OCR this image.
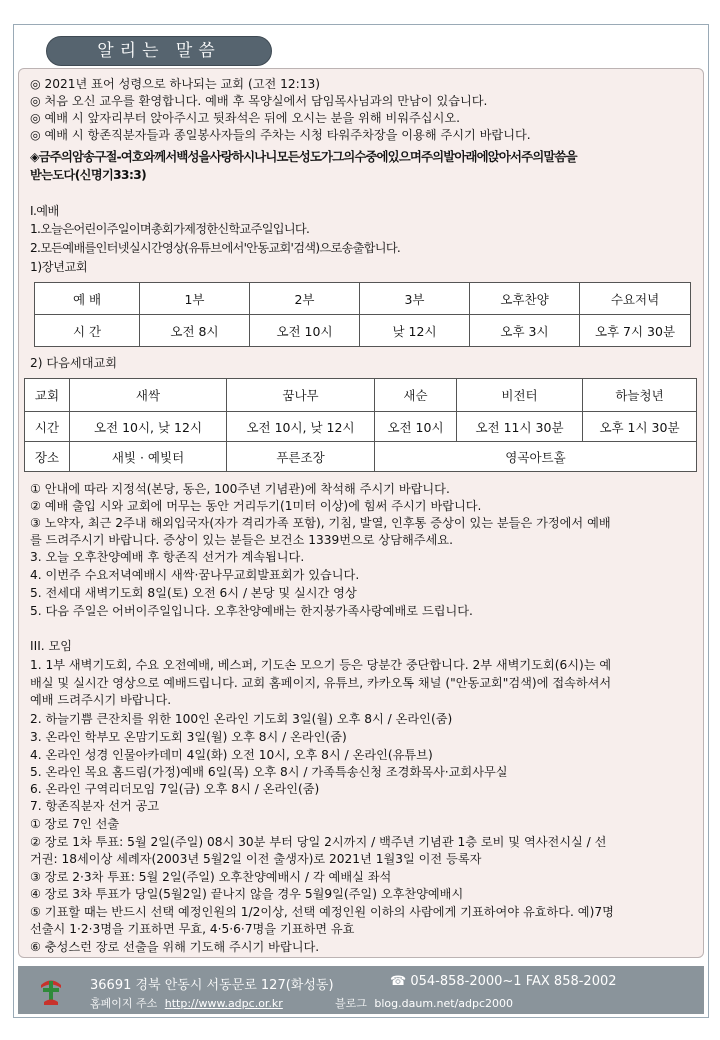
알리는 말씀
◎ 2021년 표어 성령으로 하나되는 교회 (고전 12:13)
◎ 처음 오신 교우를 환영합니다. 예배 후 목양실에서 담임목사님과의 만남이 있습니다.
◎ 예배 시 앞자리부터 앉아주시고 뒷좌석은 뒤에 오시는 분을 위해 비워주십시오.
◎ 예배 시 항존직분자들과 종일봉사자들의 주차는 시청 타워주차장을 이용해 주시기 바랍니다.
◈금주의암송구절-여호와께서백성을사랑하시나니모든성도가그의수중에있으며주의발아래에앉아서주의말씀을
받는도다(신명기33:3)
Ⅰ.예배
1.오늘은어린이주일이며총회가제정한신학교주일입니다.
2.모든예배를인터넷실시간영상(유튜브에서'안동교회'검색)으로송출합니다.
1)장년교회
예 배	1부	2부	3부	오후찬양	수요저녁
시 간	오전 8시	오전 10시	낮 12시	오후 3시	오후 7시 30분
2) 다음세대교회
교회	새싹	꿈나무	새순	비전터	하늘청년
시간	오전 10시, 낮 12시	오전 10시, 낮 12시	오전 10시	오전 11시 30분	오후 1시 30분
장소	새빛 · 예빛터	푸른조장	영곡아트홀		
① 안내에 따라 지정석(본당, 동은, 100주년 기념관)에 착석해 주시기 바랍니다.
② 예배 출입 시와 교회에 머무는 동안 거리두기(1미터 이상)에 힘써 주시기 바랍니다.
③ 노약자, 최근 2주내 해외입국자(자가 격리가족 포함), 기침, 발열, 인후통 증상이 있는 분들은 가정에서 예배
를 드려주시기 바랍니다. 증상이 있는 분들은 보건소 1339번으로 상담해주세요.
3. 오늘 오후찬양예배 후 항존직 선거가 계속됩니다.
4. 이번주 수요저녁예배시 새싹·꿈나무교회발표회가 있습니다.
5. 전세대 새벽기도회 8일(토) 오전 6시 / 본당 및 실시간 영상
5. 다음 주일은 어버이주일입니다. 오후찬양예배는 한지붕가족사랑예배로 드립니다.
III. 모임
1. 1부 새벽기도회, 수요 오전예배, 베스퍼, 기도손 모으기 등은 당분간 중단합니다. 2부 새벽기도회(6시)는 예
배실 및 실시간 영상으로 예배드립니다. 교회 홈페이지, 유튜브, 카카오톡 채널 ("안동교회"검색)에 접속하셔서
예배 드려주시기 바랍니다.
2. 하늘기쁨 큰잔치를 위한 100인 온라인 기도회 3일(월) 오후 8시 / 온라인(줌)
3. 온라인 학부모 온맘기도회 3일(월) 오후 8시 / 온라인(줌)
4. 온라인 성경 인물아카데미 4일(화) 오전 10시, 오후 8시 / 온라인(유튜브)
5. 온라인 목요 홈드림(가정)예배 6일(목) 오후 8시 / 가족특송신청 조경화목사·교회사무실
6. 온라인 구역리더모임 7일(금) 오후 8시 / 온라인(줌)
7. 항존직분자 선거 공고
① 장로 7인 선출
② 장로 1차 투표: 5월 2일(주일) 08시 30분 부터 당일 2시까지 / 백주년 기념관 1층 로비 및 역사전시실 / 선
거권: 18세이상 세례자(2003년 5월2일 이전 출생자)로 2021년 1월3일 이전 등록자
③ 장로 2·3차 투표: 5월 2일(주일) 오후찬양예배시 / 각 예배실 좌석
④ 장로 3차 투표가 당일(5월2일) 끝나지 않을 경우 5월9일(주일) 오후찬양예배시
⑤ 기표할 때는 반드시 선택 예정인원의 1/2이상, 선택 예정인원 이하의 사람에게 기표하여야 유효하다. 예)7명
선출시 1·2·3명을 기표하면 무효, 4·5·6·7명을 기표하면 유효
⑥ 충성스런 장로 선출을 위해 기도해 주시기 바랍니다.
36691 경북 안동시 서동문로 127(화성동)	☎ 054-858-2000~1 FAX 858-2002
홈페이지 주소 http://www.adpc.or.kr	블로그 blog.daum.net/adpc2000
